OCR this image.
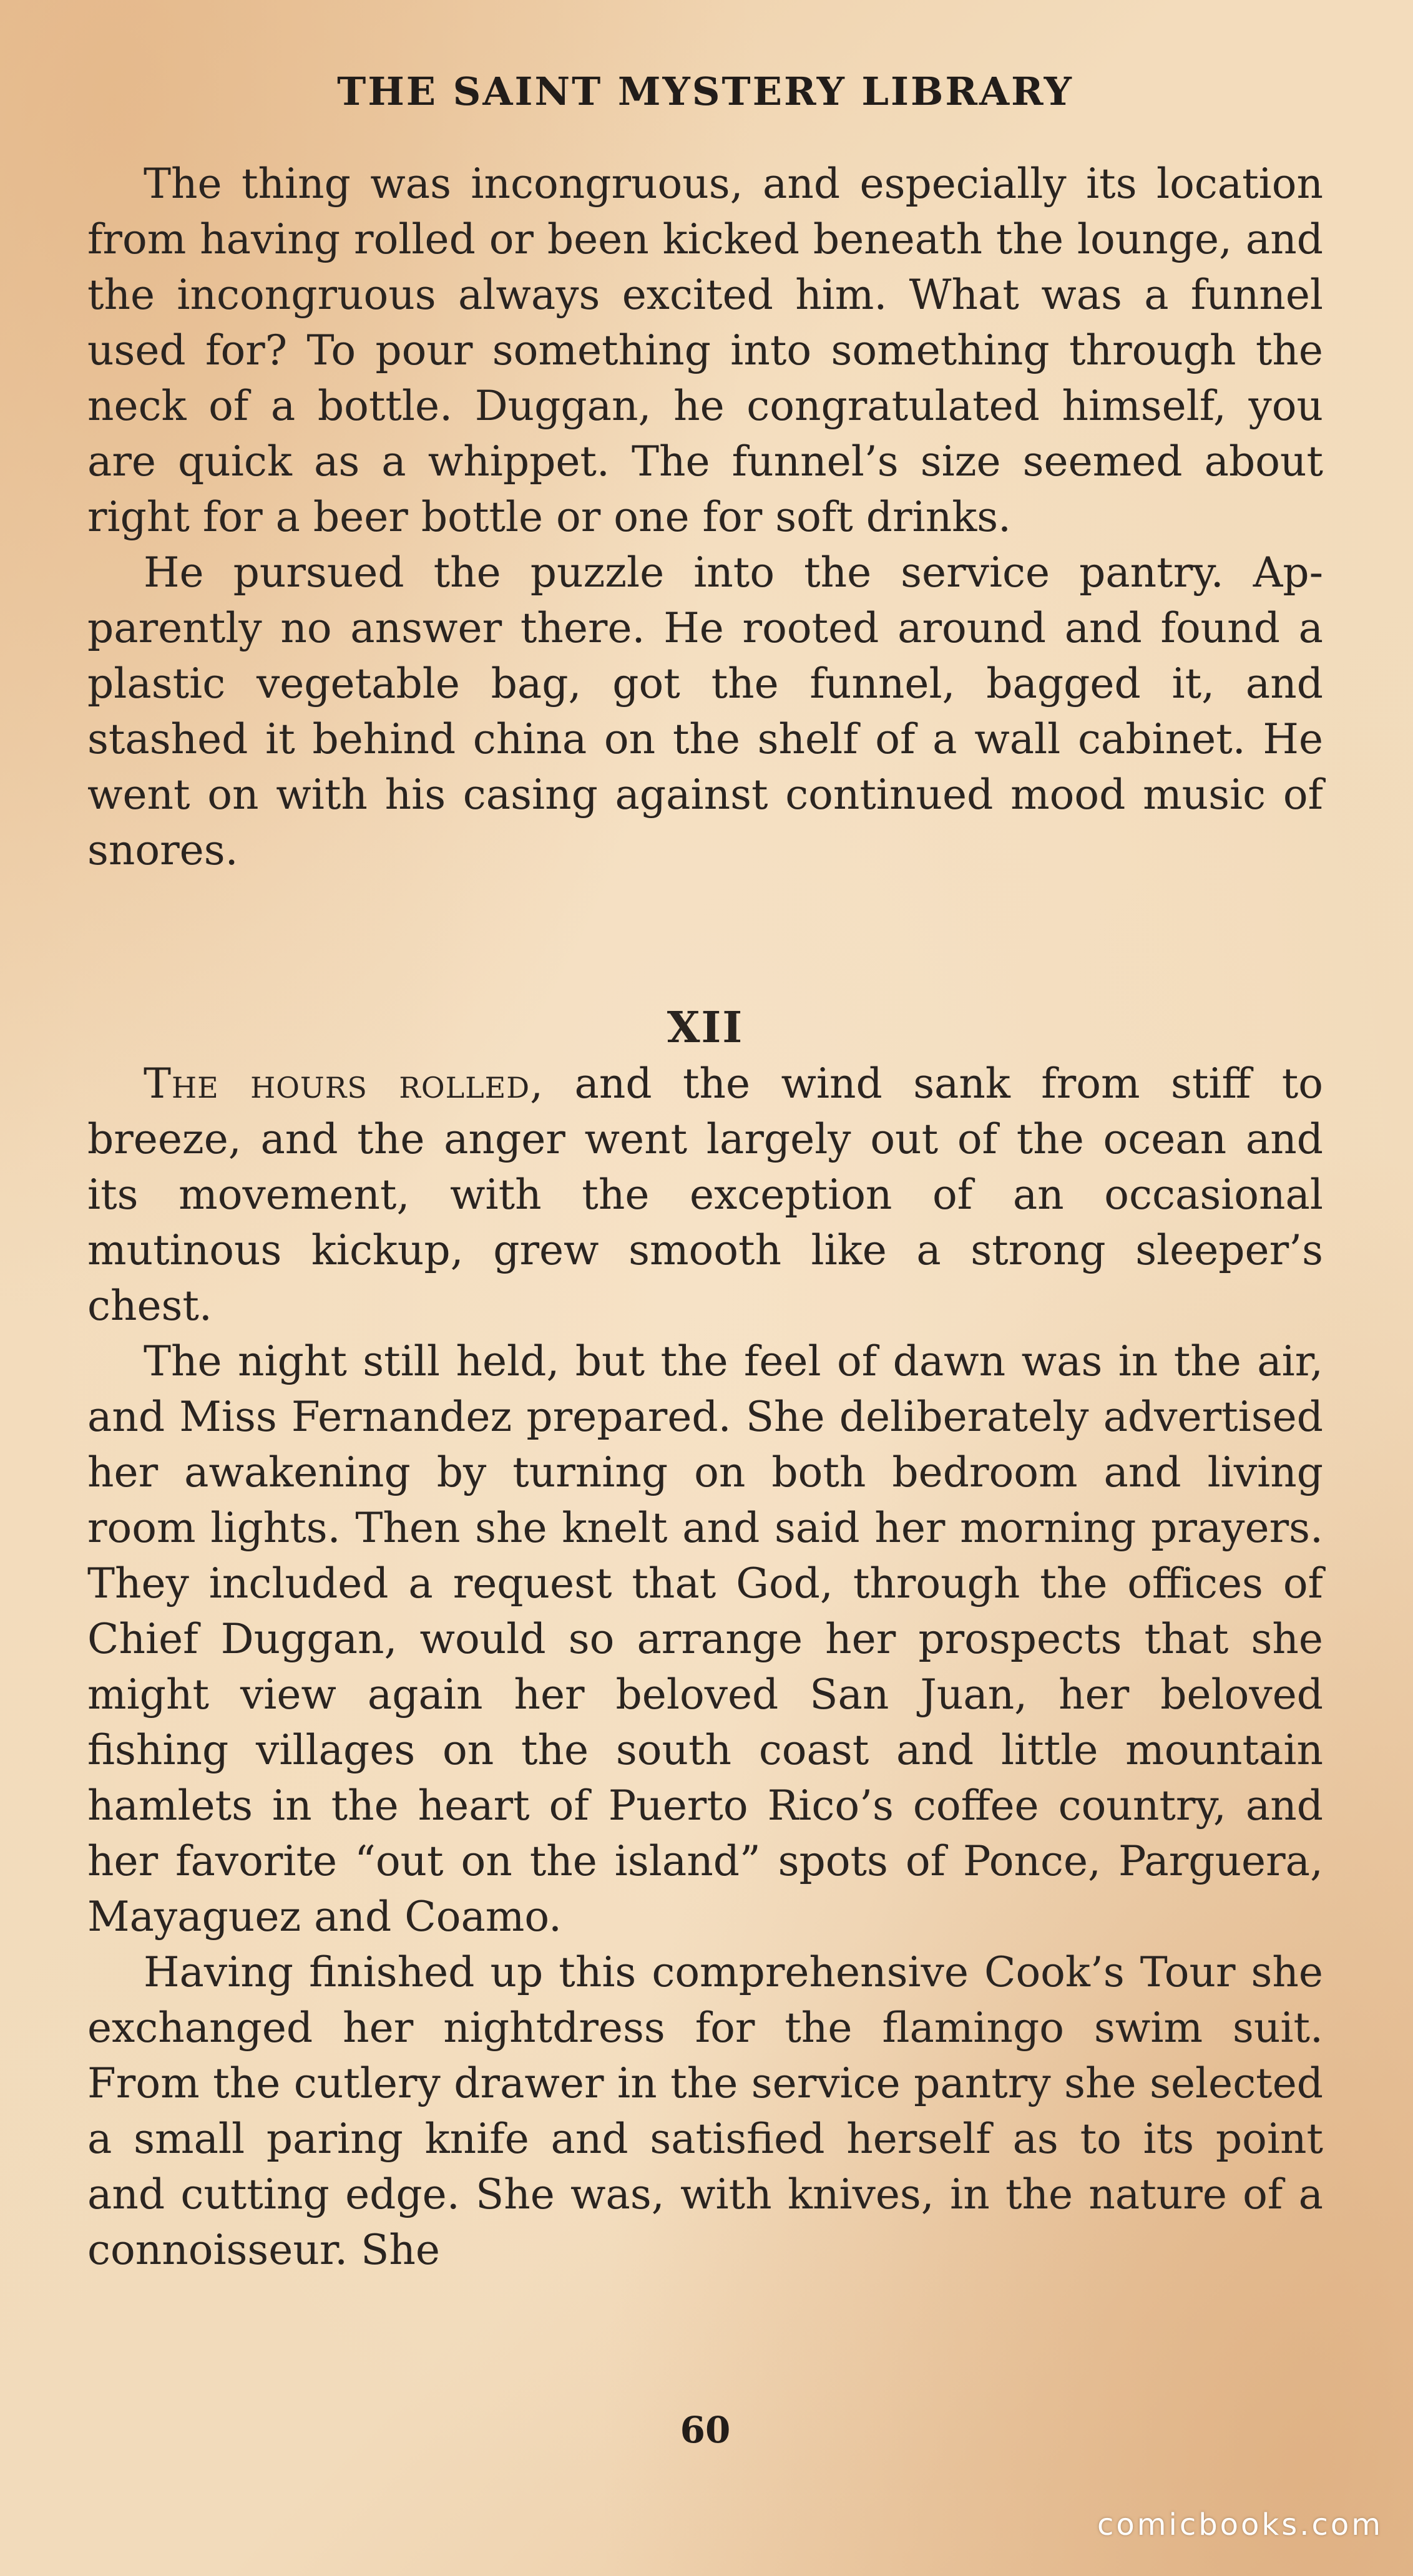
THE SAINT MYSTERY LIBRARY

The thing was incongruous, and especially its location from having rolled or been kicked beneath the lounge, and the incongruous always excited him. What was a funnel used for? To pour something into something through the neck of a bottle. Duggan, he congratulated himself, you are quick as a whippet. The funnel’s size seemed about right for a beer bottle or one for soft drinks.

He pursued the puzzle into the service pantry. Apparently no answer there. He rooted around and found a plastic vegetable bag, got the funnel, bagged it, and stashed it behind china on the shelf of a wall cabinet. He went on with his casing against continued mood music of snores.

XII

The hours rolled, and the wind sank from stiff to breeze, and the anger went largely out of the ocean and its movement, with the exception of an occasional mutinous kickup, grew smooth like a strong sleeper’s chest.

The night still held, but the feel of dawn was in the air, and Miss Fernandez prepared. She deliberately advertised her awakening by turning on both bedroom and living room lights. Then she knelt and said her morning prayers. They included a request that God, through the offices of Chief Duggan, would so arrange her prospects that she might view again her beloved San Juan, her beloved fishing villages on the south coast and little mountain hamlets in the heart of Puerto Rico’s coffee country, and her favorite “out on the island” spots of Ponce, Parguera, Mayaguez and Coamo.

Having finished up this comprehensive Cook’s Tour she exchanged her nightdress for the flamingo swim suit. From the cutlery drawer in the service pantry she selected a small paring knife and satisfied herself as to its point and cutting edge. She was, with knives, in the nature of a connoisseur. She

60
comicbooks.com
